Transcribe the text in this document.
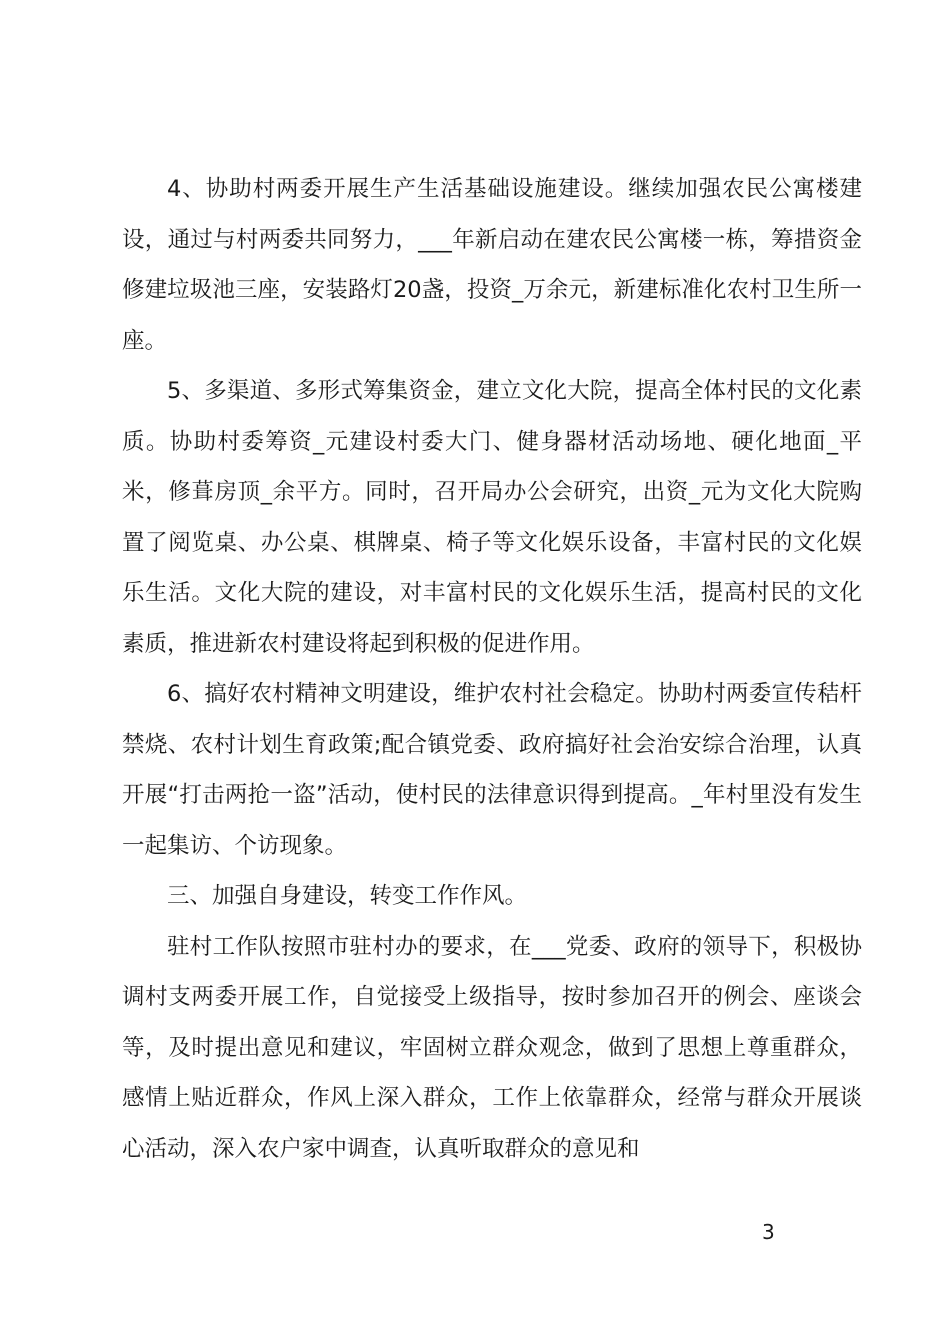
4、协助村两委开展生产生活基础设施建设。继续加强农民公寓楼建设，通过与村两委共同努力，___年新启动在建农民公寓楼一栋，筹措资金修建垃圾池三座，安装路灯20盏，投资_万余元，新建标准化农村卫生所一座。

5、多渠道、多形式筹集资金，建立文化大院，提高全体村民的文化素质。协助村委筹资_元建设村委大门、健身器材活动场地、硬化地面_平米，修葺房顶_余平方。同时，召开局办公会研究，出资_元为文化大院购置了阅览桌、办公桌、棋牌桌、椅子等文化娱乐设备，丰富村民的文化娱乐生活。文化大院的建设，对丰富村民的文化娱乐生活，提高村民的文化素质，推进新农村建设将起到积极的促进作用。

6、搞好农村精神文明建设，维护农村社会稳定。协助村两委宣传秸杆禁烧、农村计划生育政策;配合镇党委、政府搞好社会治安综合治理，认真开展“打击两抢一盗”活动，使村民的法律意识得到提高。_年村里没有发生一起集访、个访现象。

三、加强自身建设，转变工作作风。

驻村工作队按照市驻村办的要求，在___党委、政府的领导下，积极协调村支两委开展工作，自觉接受上级指导，按时参加召开的例会、座谈会等，及时提出意见和建议，牢固树立群众观念，做到了思想上尊重群众，感情上贴近群众，作风上深入群众，工作上依靠群众，经常与群众开展谈心活动，深入农户家中调查，认真听取群众的意见和

3
